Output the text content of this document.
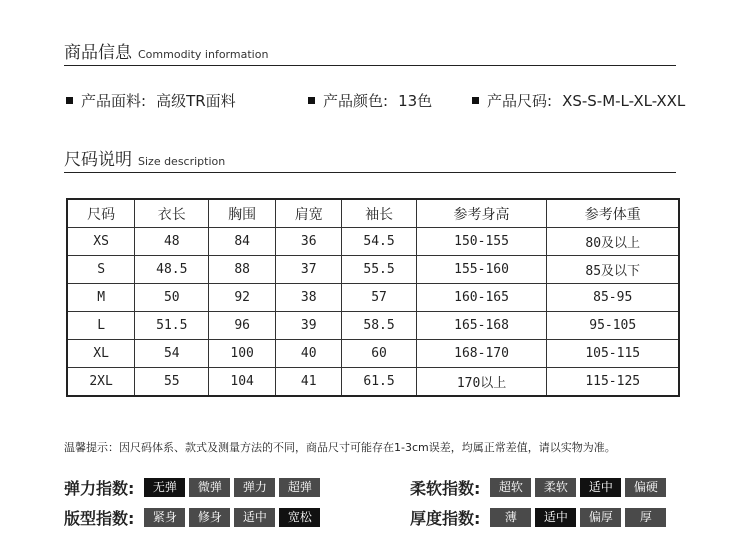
商品信息 Commodity information
产品面料: 高级TR面料	产品颜色: 13色	产品尺码: XS-S-M-L-XL-XXL
尺码说明 Size description
尺码	衣长	胸围	肩宽	袖长	参考身高	参考体重
XS	48	84	36	54.5	150-155	80及以上
S	48.5	88	37	55.5	155-160	85及以下
M	50	92	38	57	160-165	85-95
L	51.5	96	39	58.5	165-168	95-105
XL	54	100	40	60	168-170	105-115
2XL	55	104	41	61.5	170以上	115-125
温馨提示：因尺码体系、款式及测量方法的不同，商品尺寸可能存在1-3cm误差，均属正常差值，请以实物为准。
弹力指数:	无弹	微弹	弹力	超弹	柔软指数:	超软	柔软	适中	偏硬
版型指数:	紧身	修身	适中	宽松	厚度指数:	薄	适中	偏厚	厚
